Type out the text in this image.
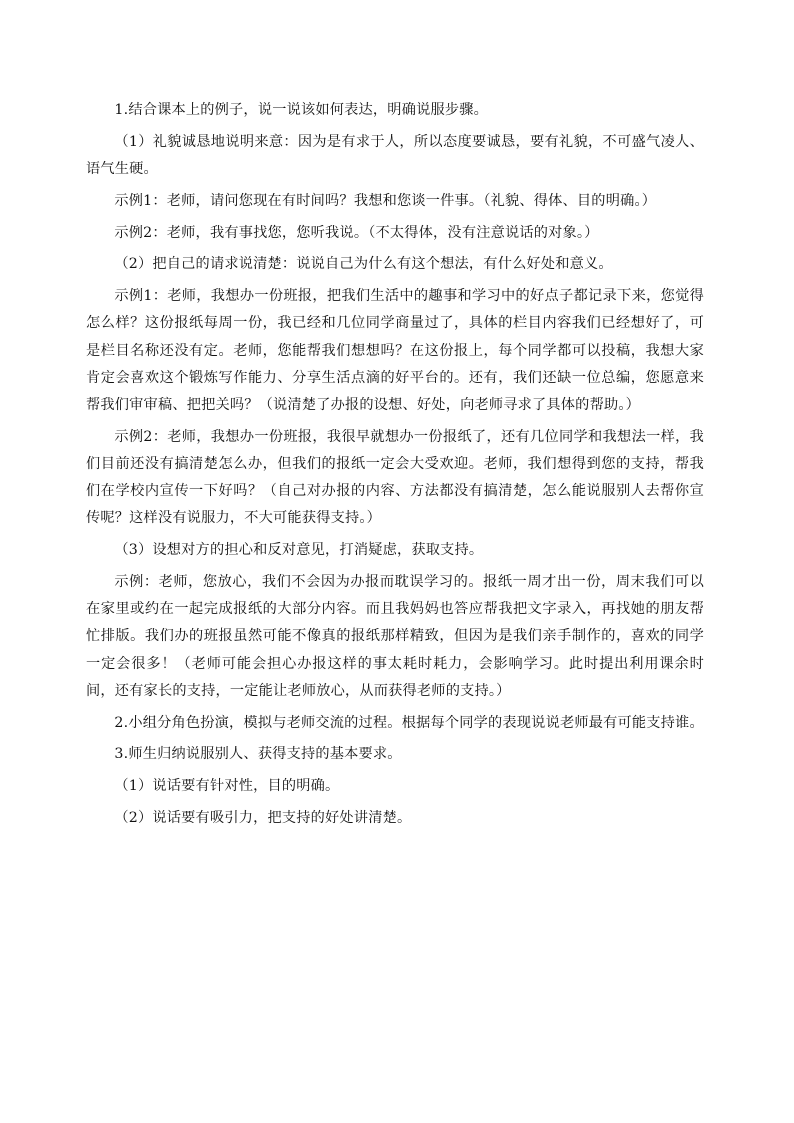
1.结合课本上的例子，说一说该如何表达，明确说服步骤。

（1）礼貌诚恳地说明来意：因为是有求于人，所以态度要诚恳，要有礼貌，不可盛气凌人、语气生硬。

示例1：老师，请问您现在有时间吗？我想和您谈一件事。（礼貌、得体、目的明确。）

示例2：老师，我有事找您，您听我说。（不太得体，没有注意说话的对象。）

（2）把自己的请求说清楚：说说自己为什么有这个想法，有什么好处和意义。

示例1：老师，我想办一份班报，把我们生活中的趣事和学习中的好点子都记录下来，您觉得怎么样？这份报纸每周一份，我已经和几位同学商量过了，具体的栏目内容我们已经想好了，可是栏目名称还没有定。老师，您能帮我们想想吗？在这份报上，每个同学都可以投稿，我想大家肯定会喜欢这个锻炼写作能力、分享生活点滴的好平台的。还有，我们还缺一位总编，您愿意来帮我们审审稿、把把关吗？（说清楚了办报的设想、好处，向老师寻求了具体的帮助。）

示例2：老师，我想办一份班报，我很早就想办一份报纸了，还有几位同学和我想法一样，我们目前还没有搞清楚怎么办，但我们的报纸一定会大受欢迎。老师，我们想得到您的支持，帮我们在学校内宣传一下好吗？（自己对办报的内容、方法都没有搞清楚，怎么能说服别人去帮你宣传呢？这样没有说服力，不大可能获得支持。）

（3）设想对方的担心和反对意见，打消疑虑，获取支持。

示例：老师，您放心，我们不会因为办报而耽误学习的。报纸一周才出一份，周末我们可以在家里或约在一起完成报纸的大部分内容。而且我妈妈也答应帮我把文字录入，再找她的朋友帮忙排版。我们办的班报虽然可能不像真的报纸那样精致，但因为是我们亲手制作的，喜欢的同学一定会很多！（老师可能会担心办报这样的事太耗时耗力，会影响学习。此时提出利用课余时间，还有家长的支持，一定能让老师放心，从而获得老师的支持。）

2.小组分角色扮演，模拟与老师交流的过程。根据每个同学的表现说说老师最有可能支持谁。

3.师生归纳说服别人、获得支持的基本要求。

（1）说话要有针对性，目的明确。

（2）说话要有吸引力，把支持的好处讲清楚。
